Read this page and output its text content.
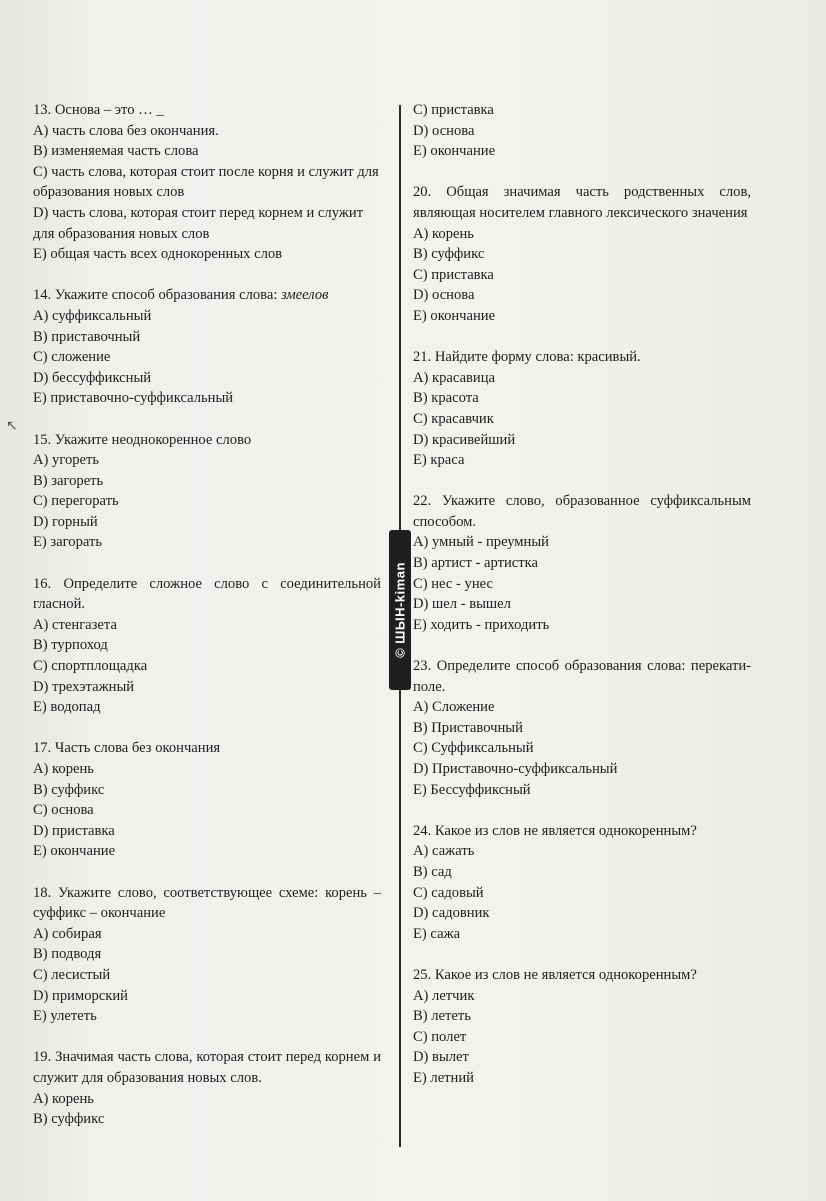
13. Основа – это … _

A) часть слова без окончания.

B) изменяемая часть слова

C) часть слова, которая стоит после корня и служит для образования новых слов

D) часть слова, которая стоит перед корнем и служит для образования новых слов

E) общая часть всех однокоренных слов

14. Укажите способ образования слова: змеелов

A) суффиксальный

B) приставочный

C) сложение

D) бессуффиксный

E) приставочно-суффиксальный

15. Укажите неоднокоренное слово

A) угореть

B) загореть

C) перегорать

D) горный

E) загорать

16. Определите сложное слово с соединительной гласной.

A) стенгазета

B) турпоход

C) спортплощадка

D) трехэтажный

E) водопад

17. Часть слова без окончания

A) корень

B) суффикс

C) основа

D) приставка

E) окончание

18. Укажите слово, соответствующее схеме: корень – суффикс – окончание

A) собирая

B) подводя

C) лесистый

D) приморский

E) улететь

19. Значимая часть слова, которая стоит перед корнем и служит для образования новых слов.

A) корень

B) суффикс

C) приставка

D) основа

E) окончание

20. Общая значимая часть родственных слов, являющая носителем главного лексического значения

A) корень

B) суффикс

C) приставка

D) основа

E) окончание

21. Найдите форму слова: красивый.

A) красавица

B) красота

C) красавчик

D) красивейший

E) краса

22. Укажите слово, образованное суффиксальным способом.

A) умный - преумный

B) артист - артистка

C) нес - унес

D) шел - вышел

E) ходить - приходить

23. Определите способ образования слова: перекати-поле.

A) Сложение

B) Приставочный

C) Суффиксальный

D) Приставочно-суффиксальный

E) Бессуффиксный

24. Какое из слов не является однокоренным?

A) сажать

B) сад

C) садовый

D) садовник

E) сажа

25. Какое из слов не является однокоренным?

A) летчик

B) лететь

C) полет

D) вылет

E) летний

© ШЫН-kiman
↖
